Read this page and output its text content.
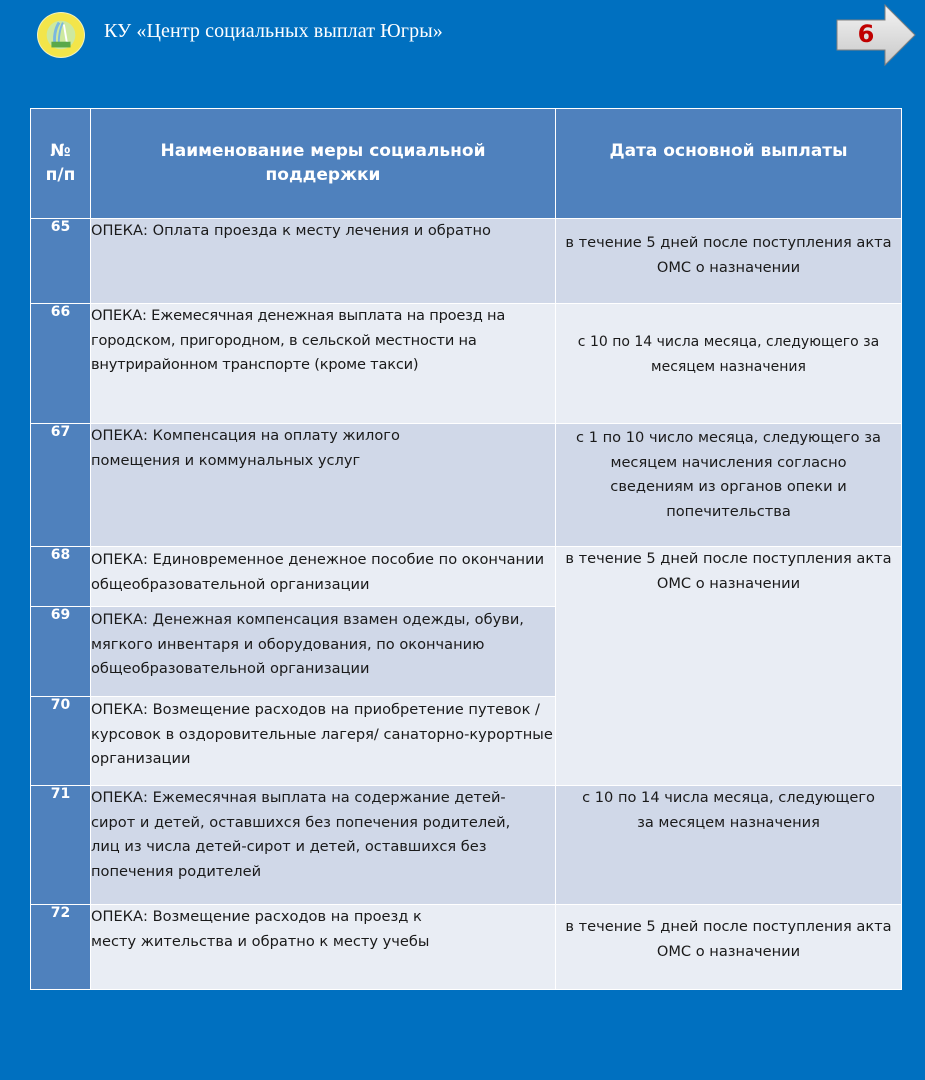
КУ «Центр социальных выплат Югры»	6
№
п/п	Наименование меры социальной поддержки	Дата основной выплаты

65	ОПЕКА: Оплата проезда к месту лечения и обратно	в течение 5 дней после поступления акта ОМС о назначении
66	ОПЕКА: Ежемесячная денежная выплата на проезд на городском, пригородном, в сельской местности на внутрирайонном транспорте (кроме такси)	с 10 по 14 числа месяца, следующего за месяцем назначения
67	ОПЕКА: Компенсация на оплату жилого помещения и коммунальных услуг	с 1 по 10 число месяца, следующего за месяцем начисления согласно сведениям из органов опеки и попечительства
68	ОПЕКА: Единовременное денежное пособие по окончании общеобразовательной организации	в течение 5 дней после поступления акта ОМС о назначении
69	ОПЕКА: Денежная компенсация взамен одежды, обуви, мягкого инвентаря и оборудования, по окончанию общеобразовательной организации	
70	ОПЕКА: Возмещение расходов на приобретение путевок / курсовок в оздоровительные лагеря/ санаторно-курортные организации	
71	ОПЕКА: Ежемесячная выплата на содержание детей-сирот и детей, оставшихся без попечения родителей, лиц из числа детей-сирот и детей, оставшихся без попечения родителей	с 10 по 14 числа месяца, следующего за месяцем назначения
72	ОПЕКА: Возмещение расходов на проезд к месту жительства и обратно к месту учебы	в течение 5 дней после поступления акта ОМС о назначении
